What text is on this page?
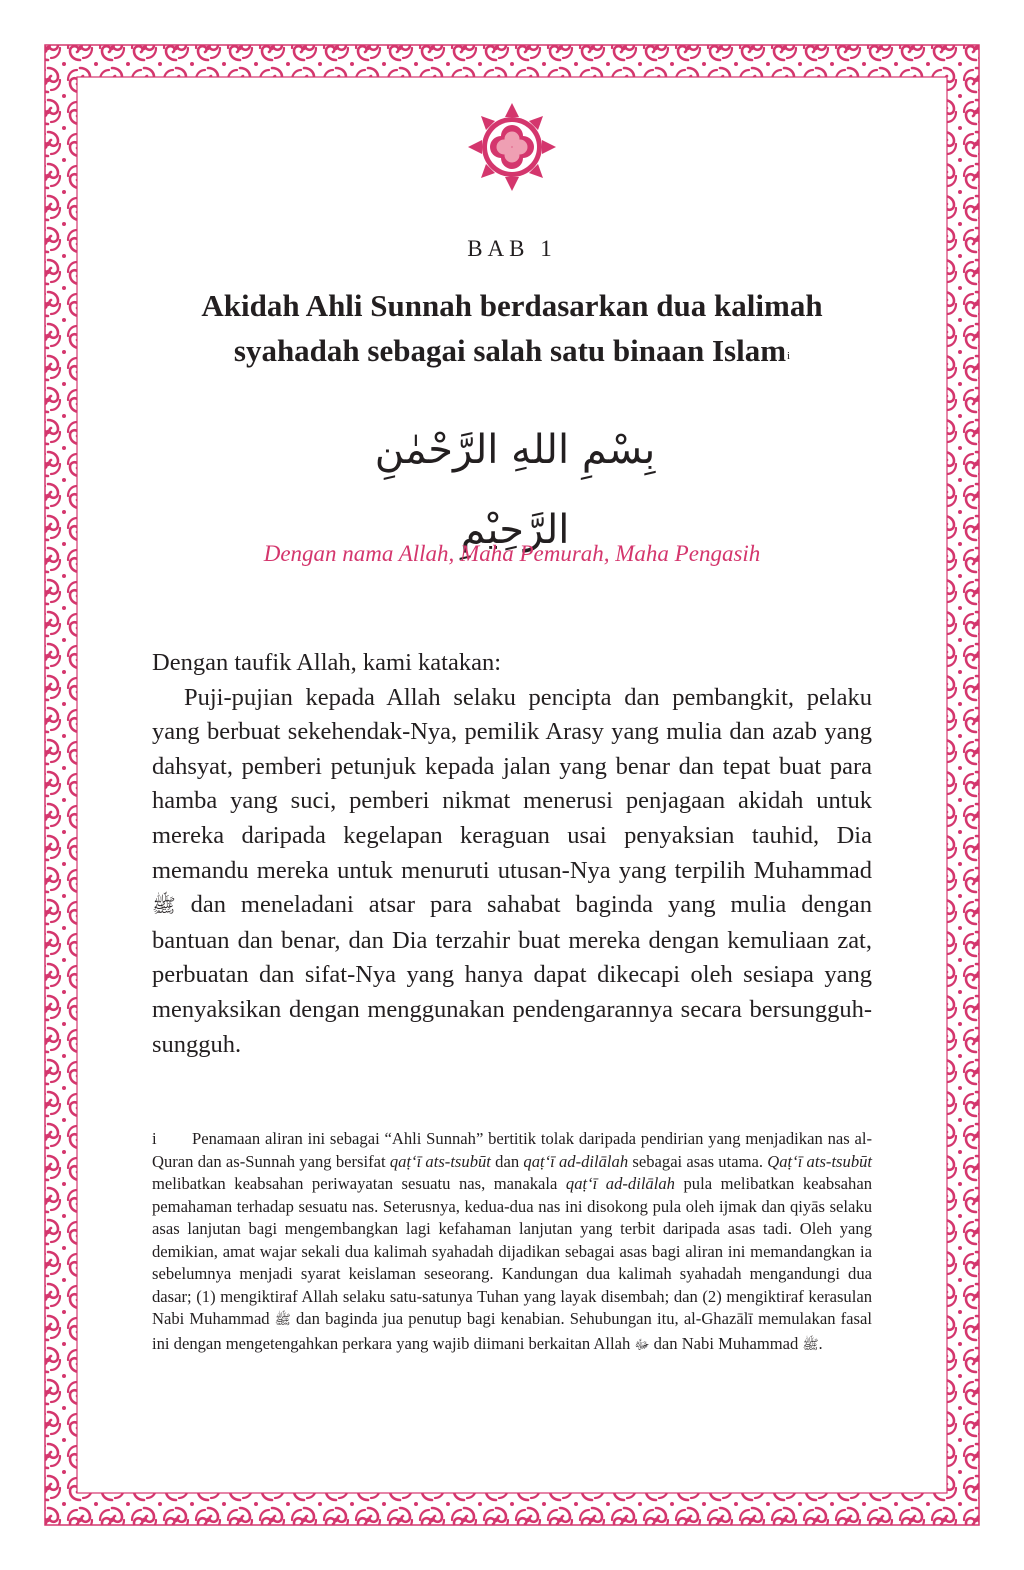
BAB 1
Akidah Ahli Sunnah berdasarkan dua kalimah
syahadah sebagai salah satu binaan Islam$^i$
بِسْمِ اللهِ الرَّحْمٰنِ الرَّحِيْمِ
Dengan nama Allah, Maha Pemurah, Maha Pengasih

Dengan taufik Allah, kami katakan:

Puji-pujian kepada Allah selaku pencipta dan pembangkit, pelaku yang berbuat sekehendak-Nya, pemilik Arasy yang mulia dan azab yang dahsyat, pemberi petunjuk kepada jalan yang benar dan tepat buat para hamba yang suci, pemberi nikmat menerusi penjagaan akidah untuk mereka daripada kegelapan keraguan usai penyaksian tauhid, Dia memandu mereka untuk menuruti utusan-Nya yang terpilih Muhammad ﷺ dan meneladani atsar para sahabat baginda yang mulia dengan bantuan dan benar, dan Dia terzahir buat mereka dengan kemuliaan zat, perbuatan dan sifat-Nya yang hanya dapat dikecapi oleh sesiapa yang menyaksikan dengan menggunakan pendengarannya secara bersungguh-sungguh.

i Penamaan aliran ini sebagai “Ahli Sunnah” bertitik tolak daripada pendirian yang menjadikan nas al-Quran dan as-Sunnah yang bersifat qaṭ‘ī ats-tsubūt dan qaṭ‘ī ad-dilālah sebagai asas utama. Qaṭ‘ī ats-tsubūt melibatkan keabsahan periwayatan sesuatu nas, manakala qaṭ‘ī ad-dilālah pula melibatkan keabsahan pemahaman terhadap sesuatu nas. Seterusnya, kedua-dua nas ini disokong pula oleh ijmak dan qiyās selaku asas lanjutan bagi mengembangkan lagi kefahaman lanjutan yang terbit daripada asas tadi. Oleh yang demikian, amat wajar sekali dua kalimah syahadah dijadikan sebagai asas bagi aliran ini memandangkan ia sebelumnya menjadi syarat keislaman seseorang. Kandungan dua kalimah syahadah mengandungi dua dasar; (1) mengiktiraf Allah selaku satu-satunya Tuhan yang layak disembah; dan (2) mengiktiraf kerasulan Nabi Muhammad ﷺ dan baginda jua penutup bagi kenabian. Sehubungan itu, al-Ghazālī memulakan fasal ini dengan mengetengahkan perkara yang wajib diimani berkaitan Allah ﷻ dan Nabi Muhammad ﷺ.
